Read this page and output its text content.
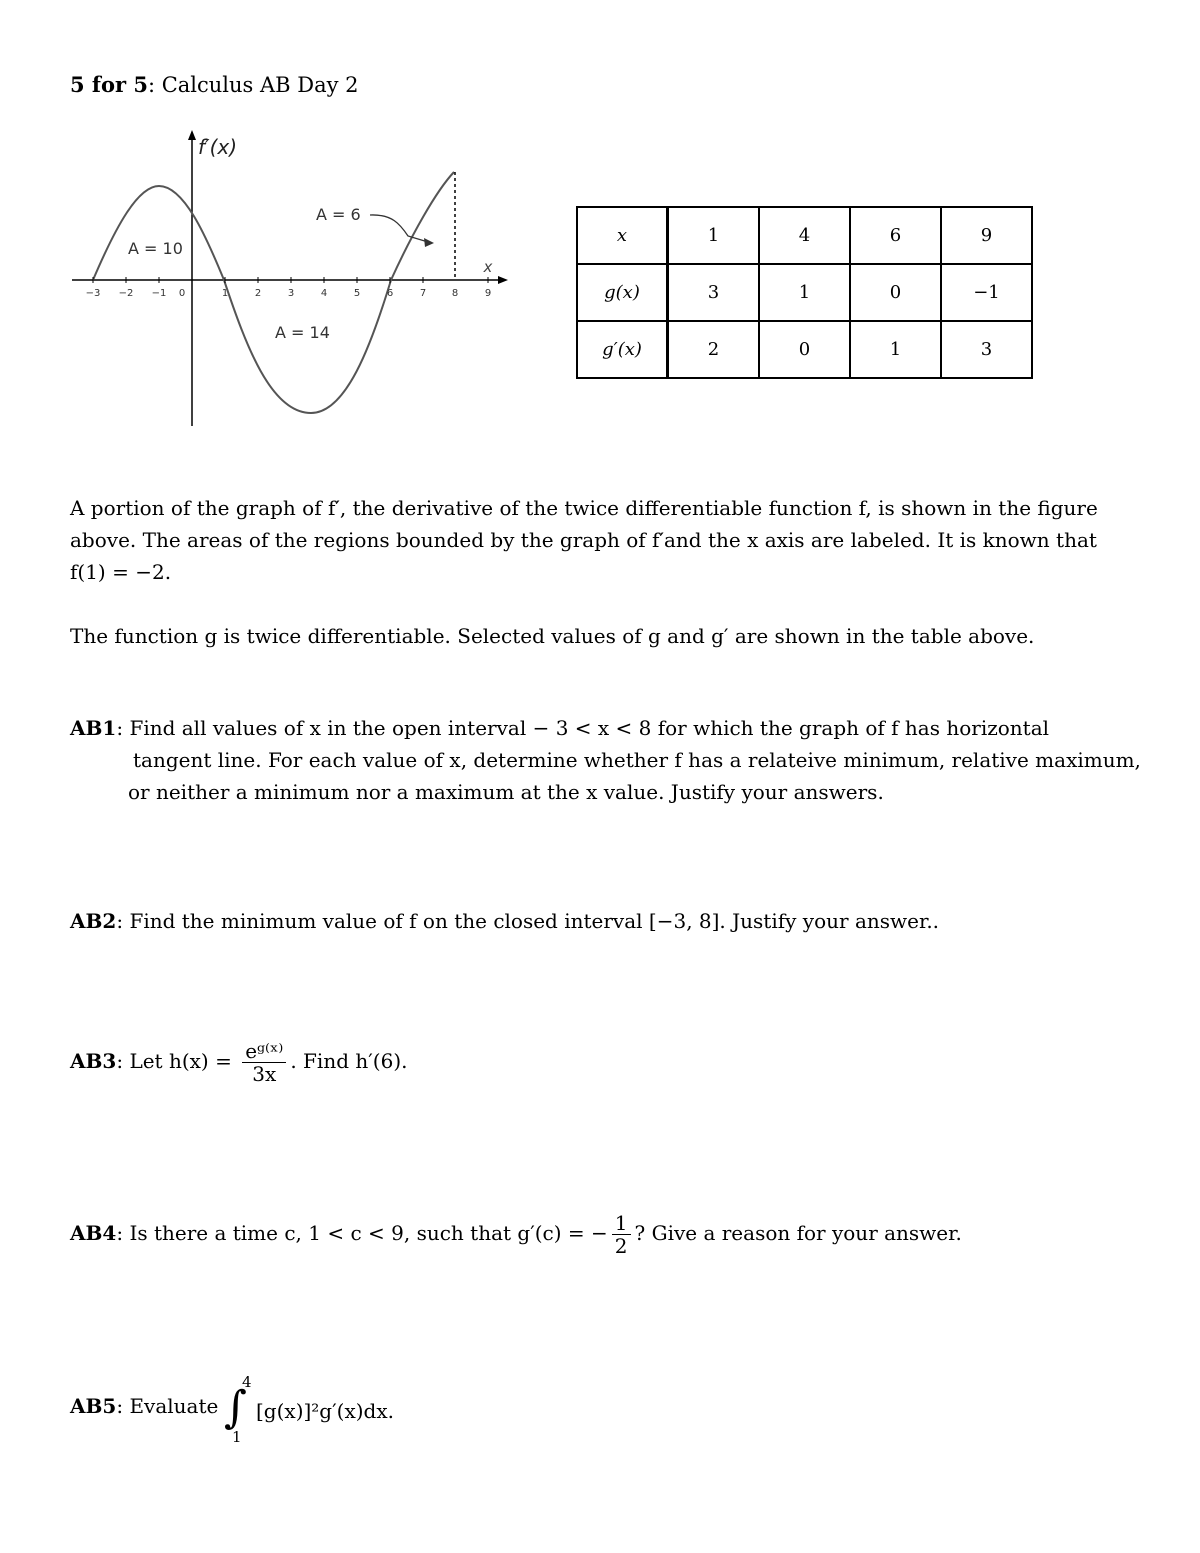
5 for 5: Calculus AB Day 2
−3 −2 −1 0	1	2	3	4	5	6	7	8	9
f′(x)
x
A = 10
A = 14
A = 6
x	1	4	6	9
g(x)	3	1	0	−1
g′(x)	2	0	1	3
A portion of the graph of f′, the derivative of the twice differentiable function f, is shown in the figure above. The areas of the regions bounded by the graph of f′and the x axis are labeled. It is known that f(1) = −2.
The function g is twice differentiable. Selected values of g and g′ are shown in the table above.
AB1: Find all values of x in the open interval − 3 < x < 8 for which the graph of f has horizontal
tangent line. For each value of x, determine whether f has a relateive minimum, relative maximum,
or neither a minimum nor a maximum at the x value. Justify your answers.
AB2: Find the minimum value of f on the closed interval [−3, 8]. Justify your answer..
AB3: Let $h(x) = \frac{\text{eᵍ⁽ˣ⁾}}{3x}$ . Find h′(6).
AB4: Is there a time c, 1 < c < 9, such that g′(c) = − $\frac{1}{2}$ ? Give a reason for your answer.
AB5: Evaluate ∫
4
1
[g(x)]²g′(x)dx.
